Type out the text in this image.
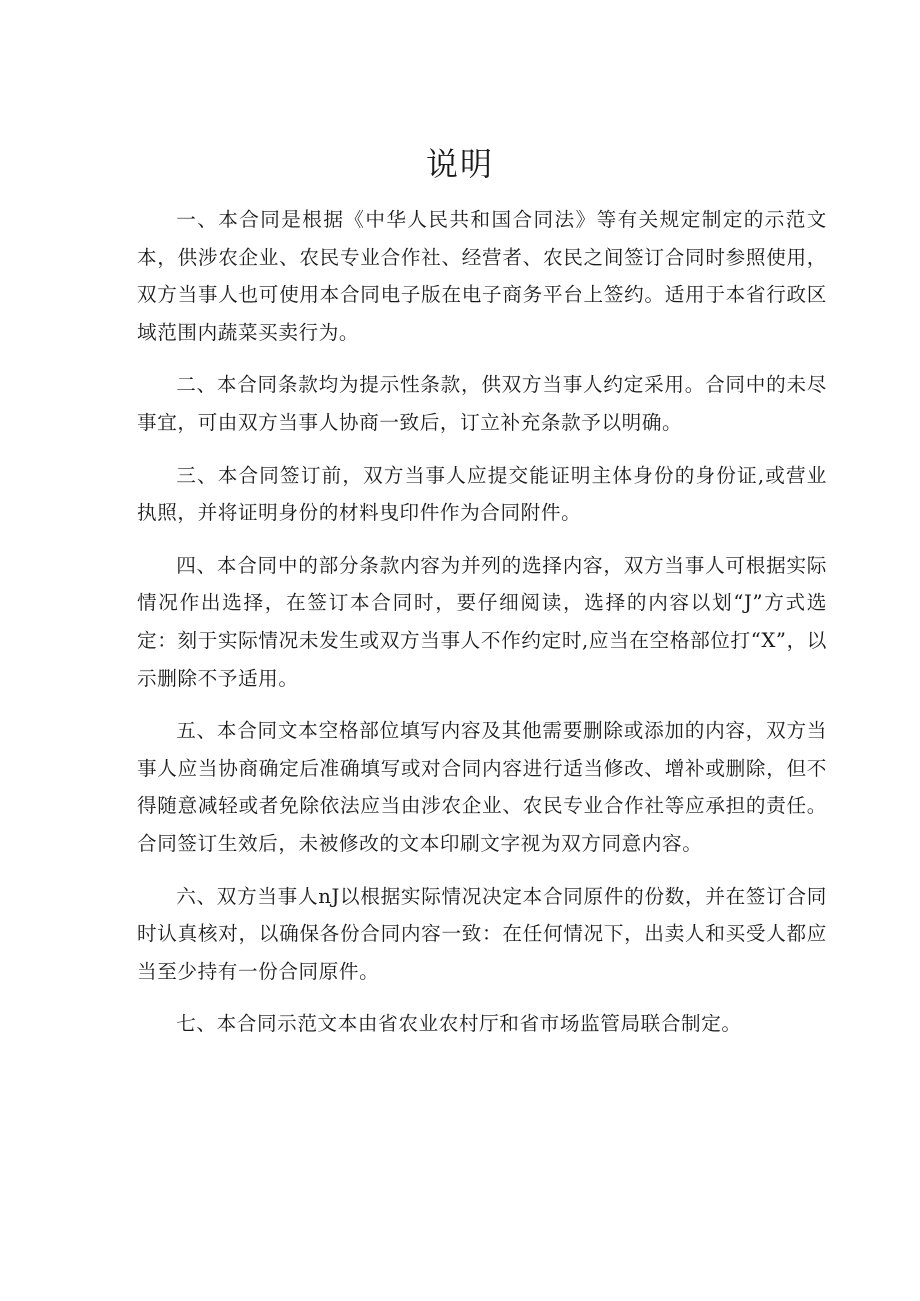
说明

一、本合同是根据《中华人民共和国合同法》等有关规定制定的示范文本，供涉农企业、农民专业合作社、经营者、农民之间签订合同时参照使用，双方当事人也可使用本合同电子版在电子商务平台上签约。适用于本省行政区域范围内蔬菜买卖行为。

二、本合同条款均为提示性条款，供双方当事人约定采用。合同中的未尽事宜，可由双方当事人协商一致后，订立补充条款予以明确。

三、本合同签订前，双方当事人应提交能证明主体身份的身份证,或营业执照，并将证明身份的材料曳印件作为合同附件。

四、本合同中的部分条款内容为并列的选择内容，双方当事人可根据实际情况作出选择，在签订本合同时，要仔细阅读，选择的内容以划“J”方式选定：刻于实际情况未发生或双方当事人不作约定时,应当在空格部位打“X”，以示删除不予适用。

五、本合同文本空格部位填写内容及其他需要删除或添加的内容，双方当事人应当协商确定后准确填写或对合同内容进行适当修改、增补或删除，但不得随意减轻或者免除依法应当由涉农企业、农民专业合作社等应承担的责任。合同签订生效后，未被修改的文本印刷文字视为双方同意内容。

六、双方当事人nJ以根据实际情况决定本合同原件的份数，并在签订合同时认真核对，以确保各份合同内容一致：在任何情况下，出卖人和买受人都应当至少持有一份合同原件。

七、本合同示范文本由省农业农村厅和省市场监管局联合制定。
